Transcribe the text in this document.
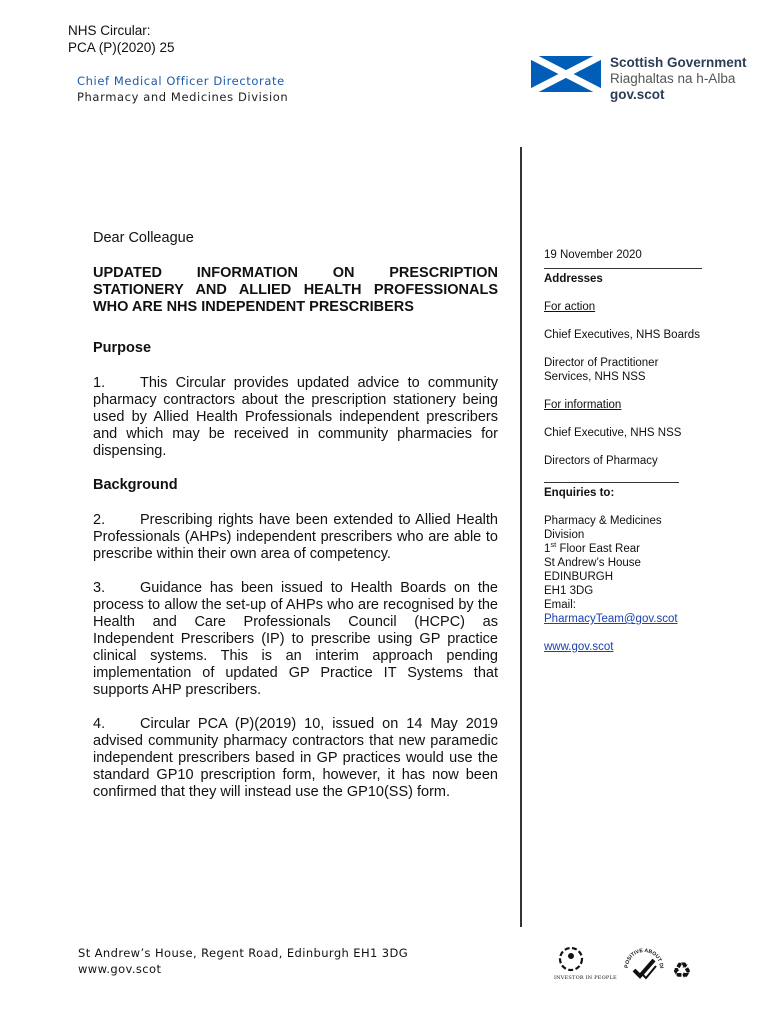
NHS Circular:
PCA (P)(2020) 25
Chief Medical Officer Directorate
Pharmacy and Medicines Division
Scottish Government
Riaghaltas na h-Alba
gov.scot
Dear Colleague
UPDATED INFORMATION ON PRESCRIPTION
STATIONERY AND ALLIED HEALTH PROFESSIONALS WHO ARE NHS INDEPENDENT PRESCRIBERS
Purpose

1. This Circular provides updated advice to community pharmacy contractors about the prescription stationery being used by Allied Health Professionals independent prescribers and which may be received in community pharmacies for dispensing.

Background

2. Prescribing rights have been extended to Allied Health Professionals (AHPs) independent prescribers who are able to prescribe within their own area of competency.

3. Guidance has been issued to Health Boards on the process to allow the set-up of AHPs who are recognised by the Health and Care Professionals Council (HCPC) as Independent Prescribers (IP) to prescribe using GP practice clinical systems. This is an interim approach pending implementation of updated GP Practice IT Systems that supports AHP prescribers.

4. Circular PCA (P)(2019) 10, issued on 14 May 2019 advised community pharmacy contractors that new paramedic independent prescribers based in GP practices would use the standard GP10 prescription form, however, it has now been confirmed that they will instead use the GP10(SS) form.

19 November 2020
Addresses
For action
Chief Executives, NHS Boards
Director of Practitioner
Services, NHS NSS
For information
Chief Executive, NHS NSS
Directors of Pharmacy
Enquiries to:
Pharmacy & Medicines
Division
1st Floor East Rear
St Andrew’s House
EDINBURGH
EH1 3DG
Email:
PharmacyTeam@gov.scot
www.gov.scot
St Andrew’s House, Regent Road, Edinburgh EH1 3DG
www.gov.scot
INVESTOR IN PEOPLE
POSITIVE ABOUT DI ♻
